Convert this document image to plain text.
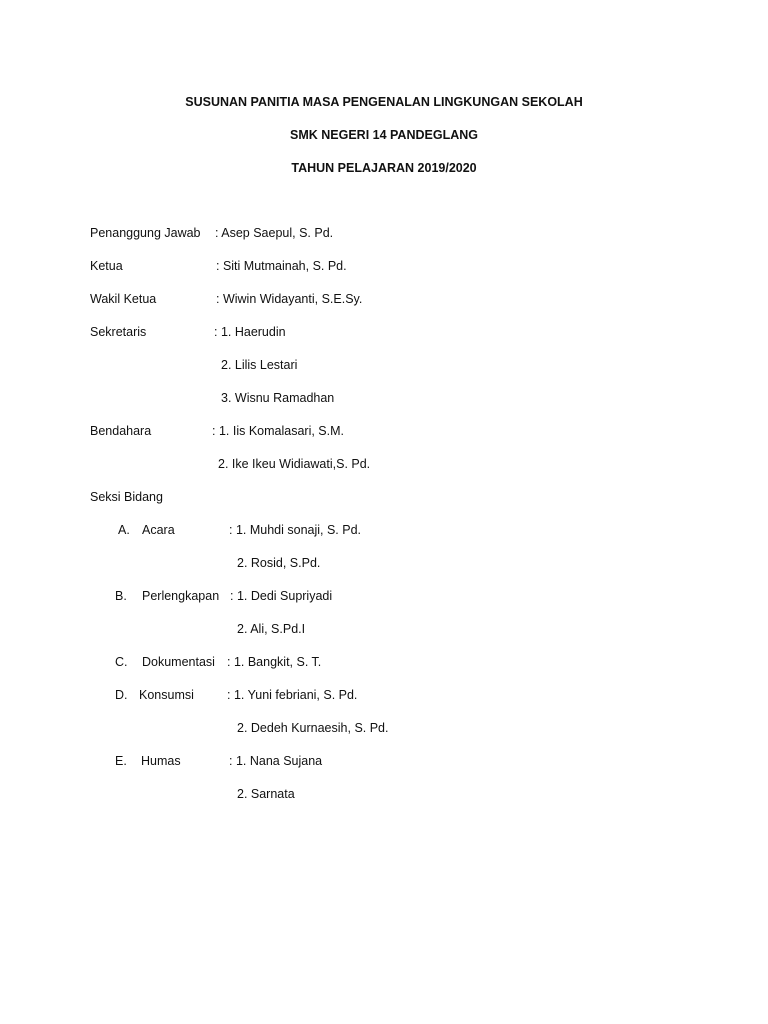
SUSUNAN PANITIA MASA PENGENALAN LINGKUNGAN SEKOLAH
SMK NEGERI 14 PANDEGLANG
TAHUN PELAJARAN 2019/2020
Penanggung Jawab : Asep Saepul, S. Pd.
Ketua	: Siti Mutmainah, S. Pd.
Wakil Ketua	: Wiwin Widayanti, S.E.Sy.
Sekretaris	: 1. Haerudin
2. Lilis Lestari
3. Wisnu Ramadhan
Bendahara	: 1. Iis Komalasari, S.M.
2. Ike Ikeu Widiawati,S. Pd.
Seksi Bidang
A. Acara	: 1. Muhdi sonaji, S. Pd.
2. Rosid, S.Pd.
B. Perlengkapan : 1. Dedi Supriyadi
2. Ali, S.Pd.I
C. Dokumentasi : 1. Bangkit, S. T.
D. Konsumsi	: 1. Yuni febriani, S. Pd.
2. Dedeh Kurnaesih, S. Pd.
E. Humas	: 1. Nana Sujana
2. Sarnata
